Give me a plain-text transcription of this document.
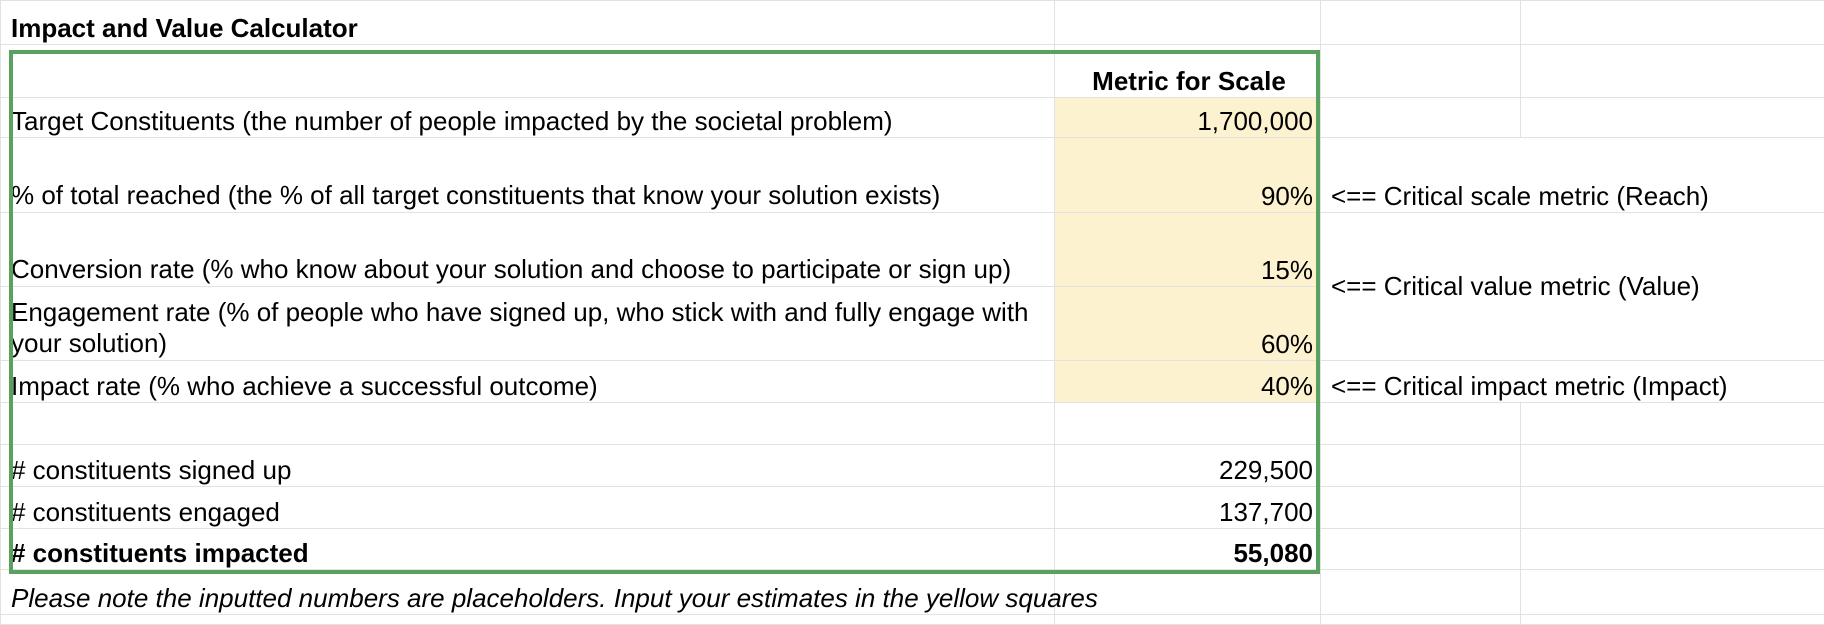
Impact and Value Calculator			
	Metric for Scale		
Target Constituents (the number of people impacted by the societal problem)	1,700,000		
% of total reached (the % of all target constituents that know your solution exists)	90%	<== Critical scale metric (Reach)	
Conversion rate (% who know about your solution and choose to participate or sign up)	15%	<== Critical value metric (Value)	
Engagement rate (% of people who have signed up, who stick with and fully engage with your solution)	60%		
Impact rate (% who achieve a successful outcome)	40%	<== Critical impact metric (Impact)	

# constituents signed up	229,500		
# constituents engaged	137,700		
# constituents impacted	55,080		
Please note the inputted numbers are placeholders. Input your estimates in the yellow squares			
